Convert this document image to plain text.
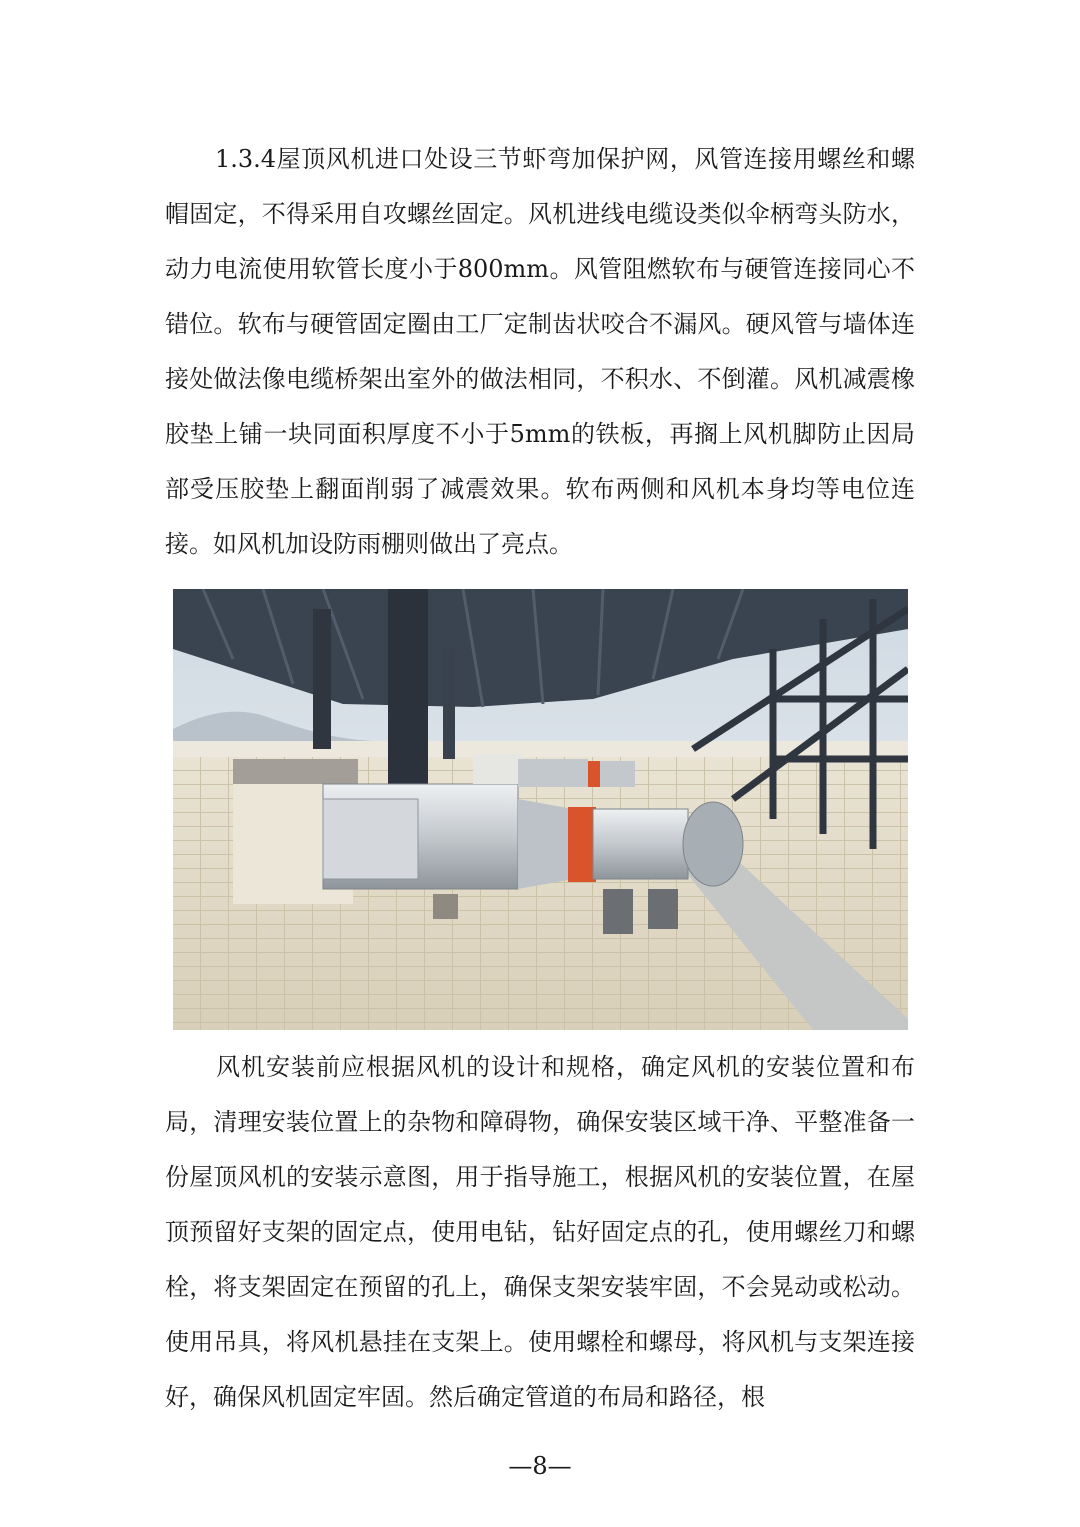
1.3.4屋顶风机进口处设三节虾弯加保护网，风管连接用螺丝和螺帽固定，不得采用自攻螺丝固定。风机进线电缆设类似伞柄弯头防水，动力电流使用软管长度小于800mm。风管阻燃软布与硬管连接同心不错位。软布与硬管固定圈由工厂定制齿状咬合不漏风。硬风管与墙体连接处做法像电缆桥架出室外的做法相同，不积水、不倒灌。风机减震橡胶垫上铺一块同面积厚度不小于5mm的铁板，再搁上风机脚防止因局部受压胶垫上翻面削弱了减震效果。软布两侧和风机本身均等电位连接。如风机加设防雨棚则做出了亮点。

风机安装前应根据风机的设计和规格，确定风机的安装位置和布局，清理安装位置上的杂物和障碍物，确保安装区域干净、平整准备一份屋顶风机的安装示意图，用于指导施工，根据风机的安装位置，在屋顶预留好支架的固定点，使用电钻，钻好固定点的孔，使用螺丝刀和螺栓，将支架固定在预留的孔上，确保支架安装牢固，不会晃动或松动。使用吊具，将风机悬挂在支架上。使用螺栓和螺母，将风机与支架连接好，确保风机固定牢固。然后确定管道的布局和路径，根

—8—
